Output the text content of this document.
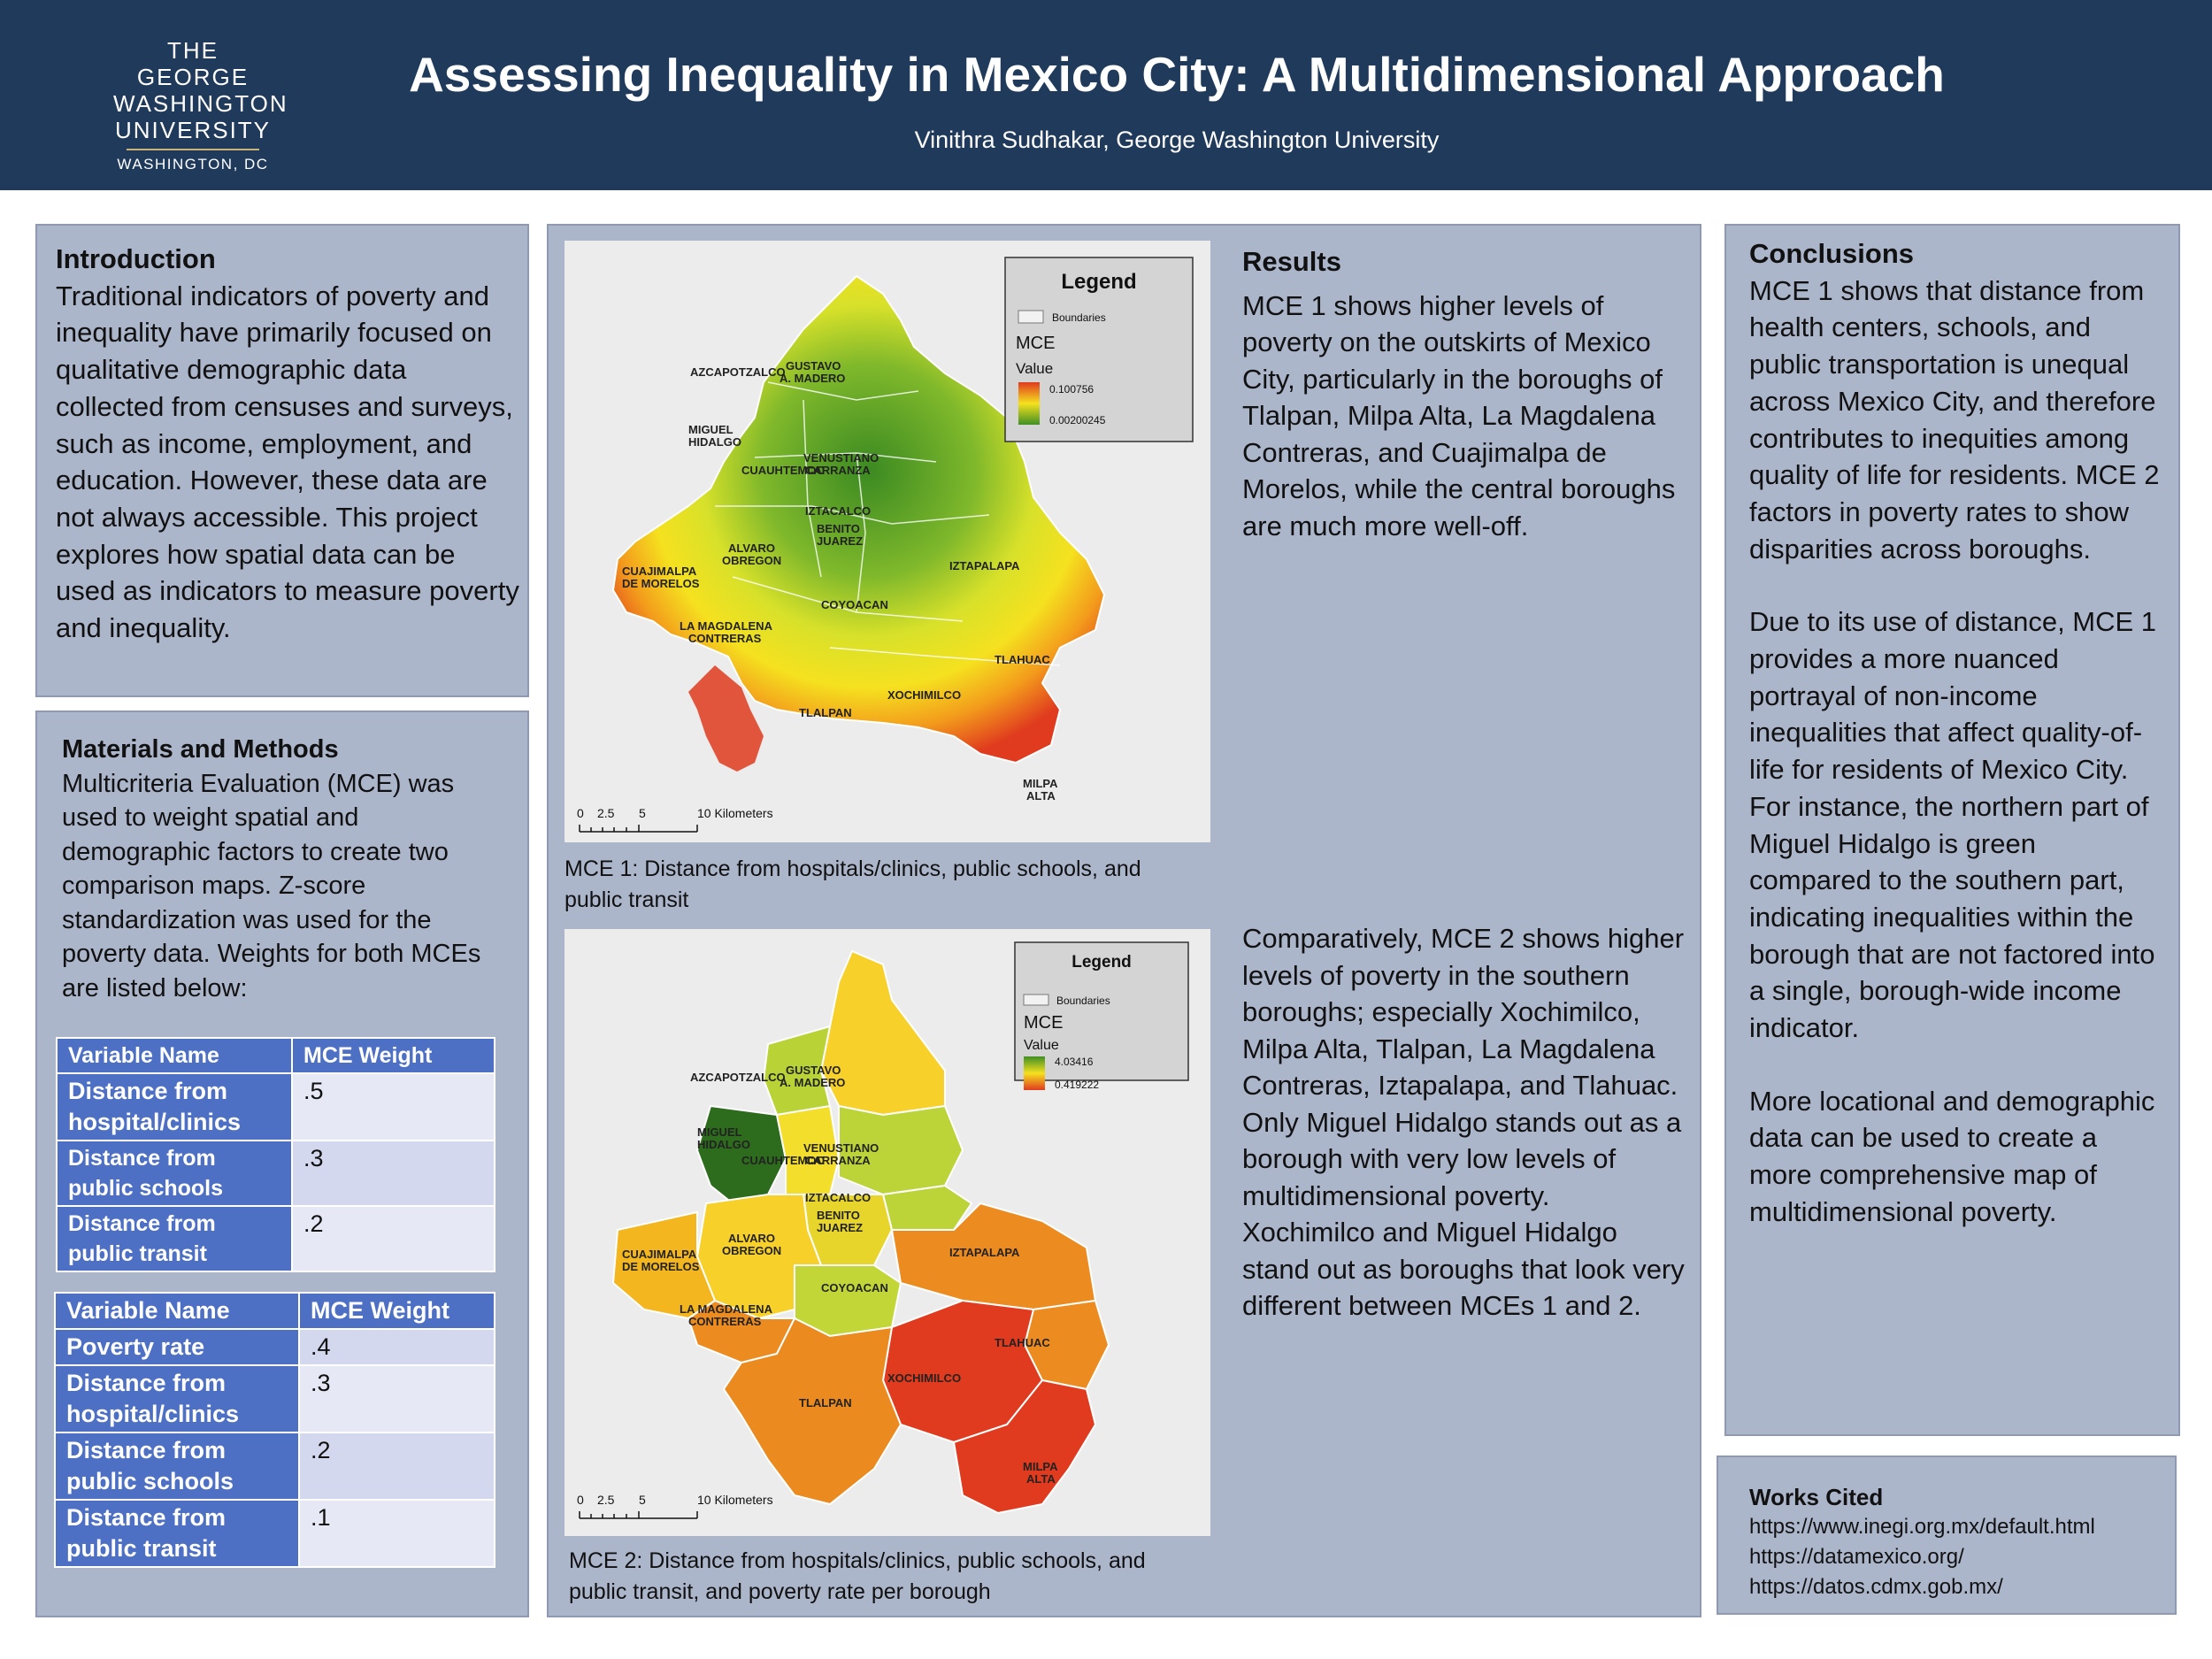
THE GEORGE
WASHINGTON
UNIVERSITY
WASHINGTON, DC
Assessing Inequality in Mexico City: A Multidimensional Approach
Vinithra Sudhakar, George Washington University
Introduction
Traditional indicators of poverty and inequality have primarily focused on qualitative demographic data collected from censuses and surveys, such as income, employment, and education. However, these data are not always accessible. This project explores how spatial data can be used as indicators to measure poverty and inequality.
Materials and Methods
Multicriteria Evaluation (MCE) was used to weight spatial and demographic factors to create two comparison maps. Z-score standardization was used for the poverty data. Weights for both MCEs are listed below:
Variable Name	MCE Weight
Distance from hospital/clinics	.5
Distance from public schools	.3
Distance from public transit	.2
Variable Name	MCE Weight
Poverty rate	.4
Distance from hospital/clinics	.3
Distance from public schools	.2
Distance from public transit	.1
AZCAPOTZALCO GUSTAVO
A. MADERO
MIGUEL
HIDALGO
VENUSTIANO
CARRANZA
CUAUHTEMOC
IZTACALCO
BENITO
JUAREZ
ALVARO
OBREGON
CUAJIMALPA
DE MORELOS
IZTAPALAPA
COYOACAN
LA MAGDALENA
CONTRERAS
TLAHUAC
XOCHIMILCO
TLALPAN
MILPA
ALTA
Legend
Boundaries
MCE
Value
0.100756
0.00200245
0 2.5 5	10 Kilometers
MCE 1: Distance from hospitals/clinics, public schools, and public transit
AZCAPOTZALCO
GUSTAVO
A. MADERO
MIGUEL
HIDALGO	VENUSTIANO
CARRANZA
CUAUHTEMOC
IZTACALCO
BENITO
JUAREZ
ALVARO
OBREGON
CUAJIMALPA
DE MORELOS
IZTAPALAPA
COYOACAN
LA MAGDALENA
CONTRERAS
TLAHUAC
XOCHIMILCO
TLALPAN
MILPA
ALTA
Legend
Boundaries
MCE
Value
4.03416
0.419222
0 2.5 5	10 Kilometers
MCE 2: Distance from hospitals/clinics, public schools, and public transit, and poverty rate per borough
Results
MCE 1 shows higher levels of poverty on the outskirts of Mexico City, particularly in the boroughs of Tlalpan, Milpa Alta, La Magdalena Contreras, and Cuajimalpa de Morelos, while the central boroughs are much more well-off.
Comparatively, MCE 2 shows higher levels of poverty in the southern boroughs; especially Xochimilco, Milpa Alta, Tlalpan, La Magdalena Contreras, Iztapalapa, and Tlahuac. Only Miguel Hidalgo stands out as a borough with very low levels of multidimensional poverty. Xochimilco and Miguel Hidalgo stand out as boroughs that look very different between MCEs 1 and 2.
Conclusions
MCE 1 shows that distance from health centers, schools, and public transportation is unequal across Mexico City, and therefore contributes to inequities among quality of life for residents. MCE 2 factors in poverty rates to show disparities across boroughs.
Due to its use of distance, MCE 1 provides a more nuanced portrayal of non-income inequalities that affect quality-of-life for residents of Mexico City. For instance, the northern part of Miguel Hidalgo is green compared to the southern part, indicating inequalities within the borough that are not factored into a single, borough-wide income indicator.
More locational and demographic data can be used to create a more comprehensive map of multidimensional poverty.
Works Cited
https://www.inegi.org.mx/default.html
https://datamexico.org/
https://datos.cdmx.gob.mx/
